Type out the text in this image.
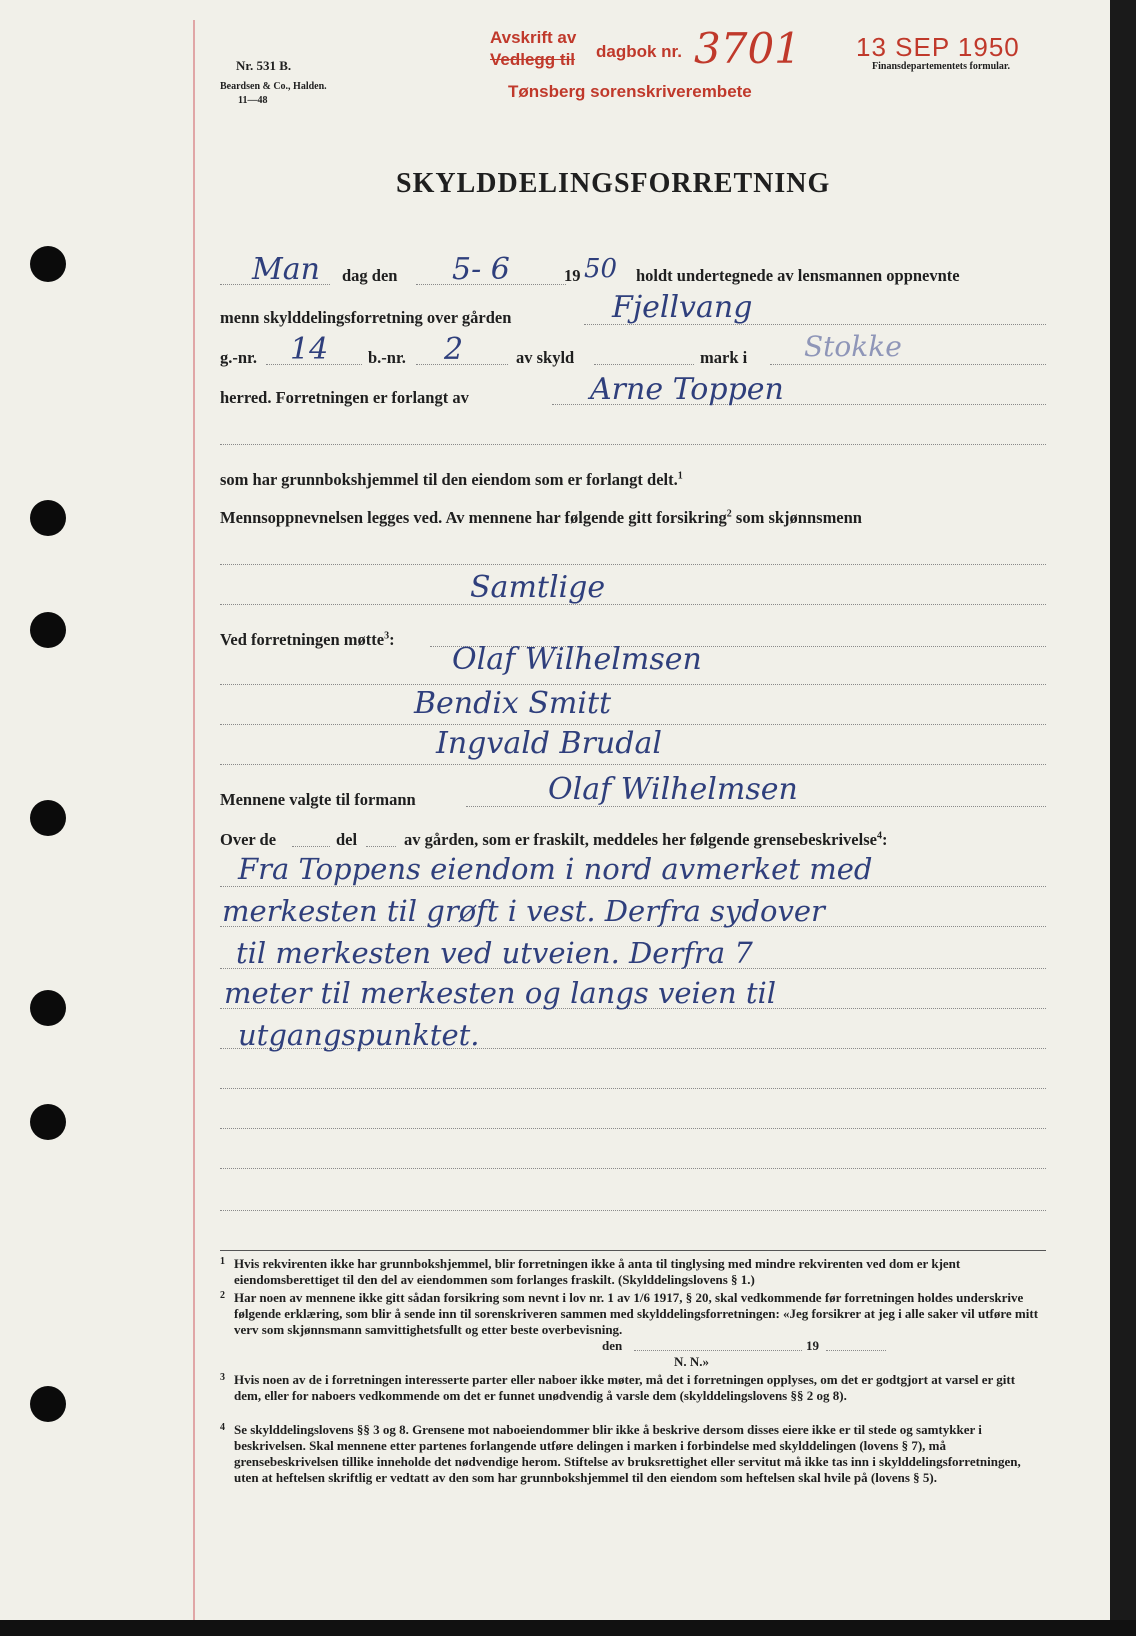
Nr. 531 B.
Beardsen & Co., Halden.
11—48
Avskrift av
Vedlegg til dagbok nr. 3701
Tønsberg sorenskriverembete
13 SEP 1950
Finansdepartementets formular.
SKYLDDELINGSFORRETNING
Man dag den 5- 6	19 50 holdt undertegnede av lensmannen oppnevnte
menn skylddelingsforretning over gården	Fjellvang
g.-nr. 14 b.-nr. 2	av skyld	mark i Stokke
herred. Forretningen er forlangt av	Arne Toppen
som har grunnbokshjemmel til den eiendom som er forlangt delt.$^1$
Mennsoppnevnelsen legges ved. Av mennene har følgende gitt forsikring$^2$ som skjønnsmenn
Samtlige
Ved forretningen møtte$^3$:
Olaf Wilhelmsen
Bendix Smitt
Ingvald Brudal
Mennene valgte til formann	Olaf Wilhelmsen
Over de	del	av gården, som er fraskilt, meddeles her følgende grensebeskrivelse$^4$:
Fra Toppens eiendom i nord avmerket med
merkesten til grøft i vest. Derfra sydover
til merkesten ved utveien. Derfra 7
meter til merkesten og langs veien til
utgangspunktet.
1 Hvis rekvirenten ikke har grunnbokshjemmel, blir forretningen ikke å anta til tinglysing med mindre rekvirenten ved dom er kjent eiendomsberettiget til den del av eiendommen som forlanges fraskilt. (Skylddelingslovens § 1.)
2 Har noen av mennene ikke gitt sådan forsikring som nevnt i lov nr. 1 av 1/6 1917, § 20, skal vedkommende før forretningen holdes underskrive følgende erklæring, som blir å sende inn til sorenskriveren sammen med skylddelingsforretningen: «Jeg forsikrer at jeg i alle saker vil utføre mitt verv som skjønnsmann samvittighetsfullt og etter beste overbevisning.
den	19
N. N.»
3 Hvis noen av de i forretningen interesserte parter eller naboer ikke møter, må det i forretningen opplyses, om det er godtgjort at varsel er gitt dem, eller for naboers vedkommende om det er funnet unødvendig å varsle dem (skylddelingslovens §§ 2 og 8).
4 Se skylddelingslovens §§ 3 og 8. Grensene mot naboeiendommer blir ikke å beskrive dersom disses eiere ikke er til stede og samtykker i beskrivelsen. Skal mennene etter partenes forlangende utføre delingen i marken i forbindelse med skylddelingen (lovens § 7), må grensebeskrivelsen tillike inneholde det nødvendige herom. Stiftelse av bruksrettighet eller servitut må ikke tas inn i skylddelingsforretningen, uten at heftelsen skriftlig er vedtatt av den som har grunnbokshjemmel til den eiendom som heftelsen skal hvile på (lovens § 5).
